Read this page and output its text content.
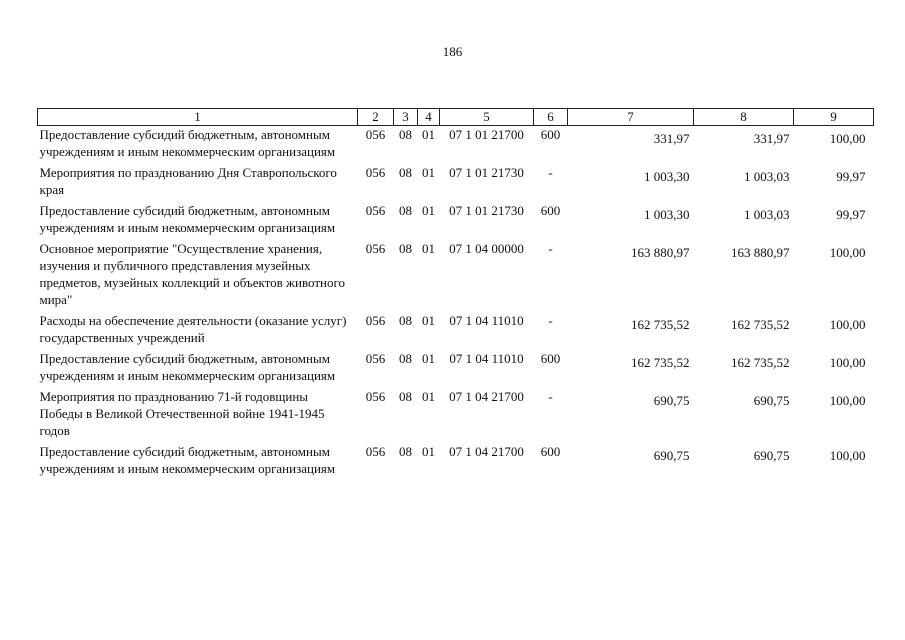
186
1	2	3	4	5	6	7	8	9
Предоставление субсидий бюджетным, автономным учреждениям и иным некоммерческим организациям	056	08	01	07 1 01 21700	600	331,97	331,97	100,00
Мероприятия по празднованию Дня Ставропольского края	056	08	01	07 1 01 21730	-	1 003,30	1 003,03	99,97
Предоставление субсидий бюджетным, автономным учреждениям и иным некоммерческим организациям	056	08	01	07 1 01 21730	600	1 003,30	1 003,03	99,97
Основное мероприятие "Осуществление хранения, изучения и публичного представления музейных предметов, музейных коллекций и объектов животного мира"	056	08	01	07 1 04 00000	-	163 880,97	163 880,97	100,00
Расходы на обеспечение деятельности (оказание услуг) государственных учреждений	056	08	01	07 1 04 11010	-	162 735,52	162 735,52	100,00
Предоставление субсидий бюджетным, автономным учреждениям и иным некоммерческим организациям	056	08	01	07 1 04 11010	600	162 735,52	162 735,52	100,00
Мероприятия по празднованию 71-й годовщины Победы в Великой Отечественной войне 1941-1945 годов	056	08	01	07 1 04 21700	-	690,75	690,75	100,00
Предоставление субсидий бюджетным, автономным учреждениям и иным некоммерческим организациям	056	08	01	07 1 04 21700	600	690,75	690,75	100,00
